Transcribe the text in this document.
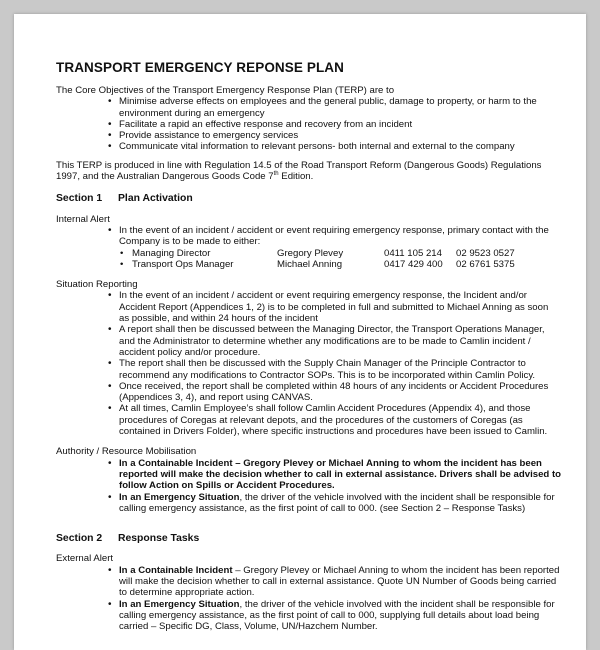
TRANSPORT EMERGENCY REPONSE PLAN

The Core Objectives of the Transport Emergency Response Plan (TERP) are to

• Minimise adverse effects on employees and the general public, damage to property, or harm to the environment during an emergency
• Facilitate a rapid an effective response and recovery from an incident
• Provide assistance to emergency services
• Communicate vital information to relevant persons- both internal and external to the company

This TERP is produced in line with Regulation 14.5 of the Road Transport Reform (Dangerous Goods) Regulations 1997, and the Australian Dangerous Goods Code 7th Edition.

Section 1	Plan Activation

Internal Alert

• In the event of an incident / accident or event requiring emergency response, primary contact with the Company is to be made to either:
• Managing Director	Gregory Plevey	0411 105 214	02 9523 0527
• Transport Ops Manager	Michael Anning	0417 429 400	02 6761 5375

Situation Reporting

• In the event of an incident / accident or event requiring emergency response, the Incident and/or Accident Report (Appendices 1, 2) is to be completed in full and submitted to Michael Anning as soon as possible, and within 24 hours of the incident
• A report shall then be discussed between the Managing Director, the Transport Operations Manager, and the Administrator to determine whether any modifications are to be made to Camlin incident / accident policy and/or procedure.
• The report shall then be discussed with the Supply Chain Manager of the Principle Contractor to recommend any modifications to Contractor SOPs. This is to be incorporated within Camlin Policy.
• Once received, the report shall be completed within 48 hours of any incidents or Accident Procedures (Appendices 3, 4), and report using CANVAS.
• At all times, Camlin Employee’s shall follow Camlin Accident Procedures (Appendix 4), and those procedures of Coregas at relevant depots, and the procedures of the customers of Coregas (as contained in Drivers Folder), where specific instructions and procedures have been issued to Camlin.

Authority / Resource Mobilisation

• In a Containable Incident – Gregory Plevey or Michael Anning to whom the incident has been reported will make the decision whether to call in external assistance. Drivers shall be advised to follow Action on Spills or Accident Procedures.
• In an Emergency Situation, the driver of the vehicle involved with the incident shall be responsible for calling emergency assistance, as the first point of call to 000. (see Section 2 – Response Tasks)
Section 2	Response Tasks

External Alert

• In a Containable Incident – Gregory Plevey or Michael Anning to whom the incident has been reported will make the decision whether to call in external assistance. Quote UN Number of Goods being carried to determine appropriate action.
• In an Emergency Situation, the driver of the vehicle involved with the incident shall be responsible for calling emergency assistance, as the first point of call to 000, supplying full details about load being carried – Specific DG, Class, Volume, UN/Hazchem Number.
